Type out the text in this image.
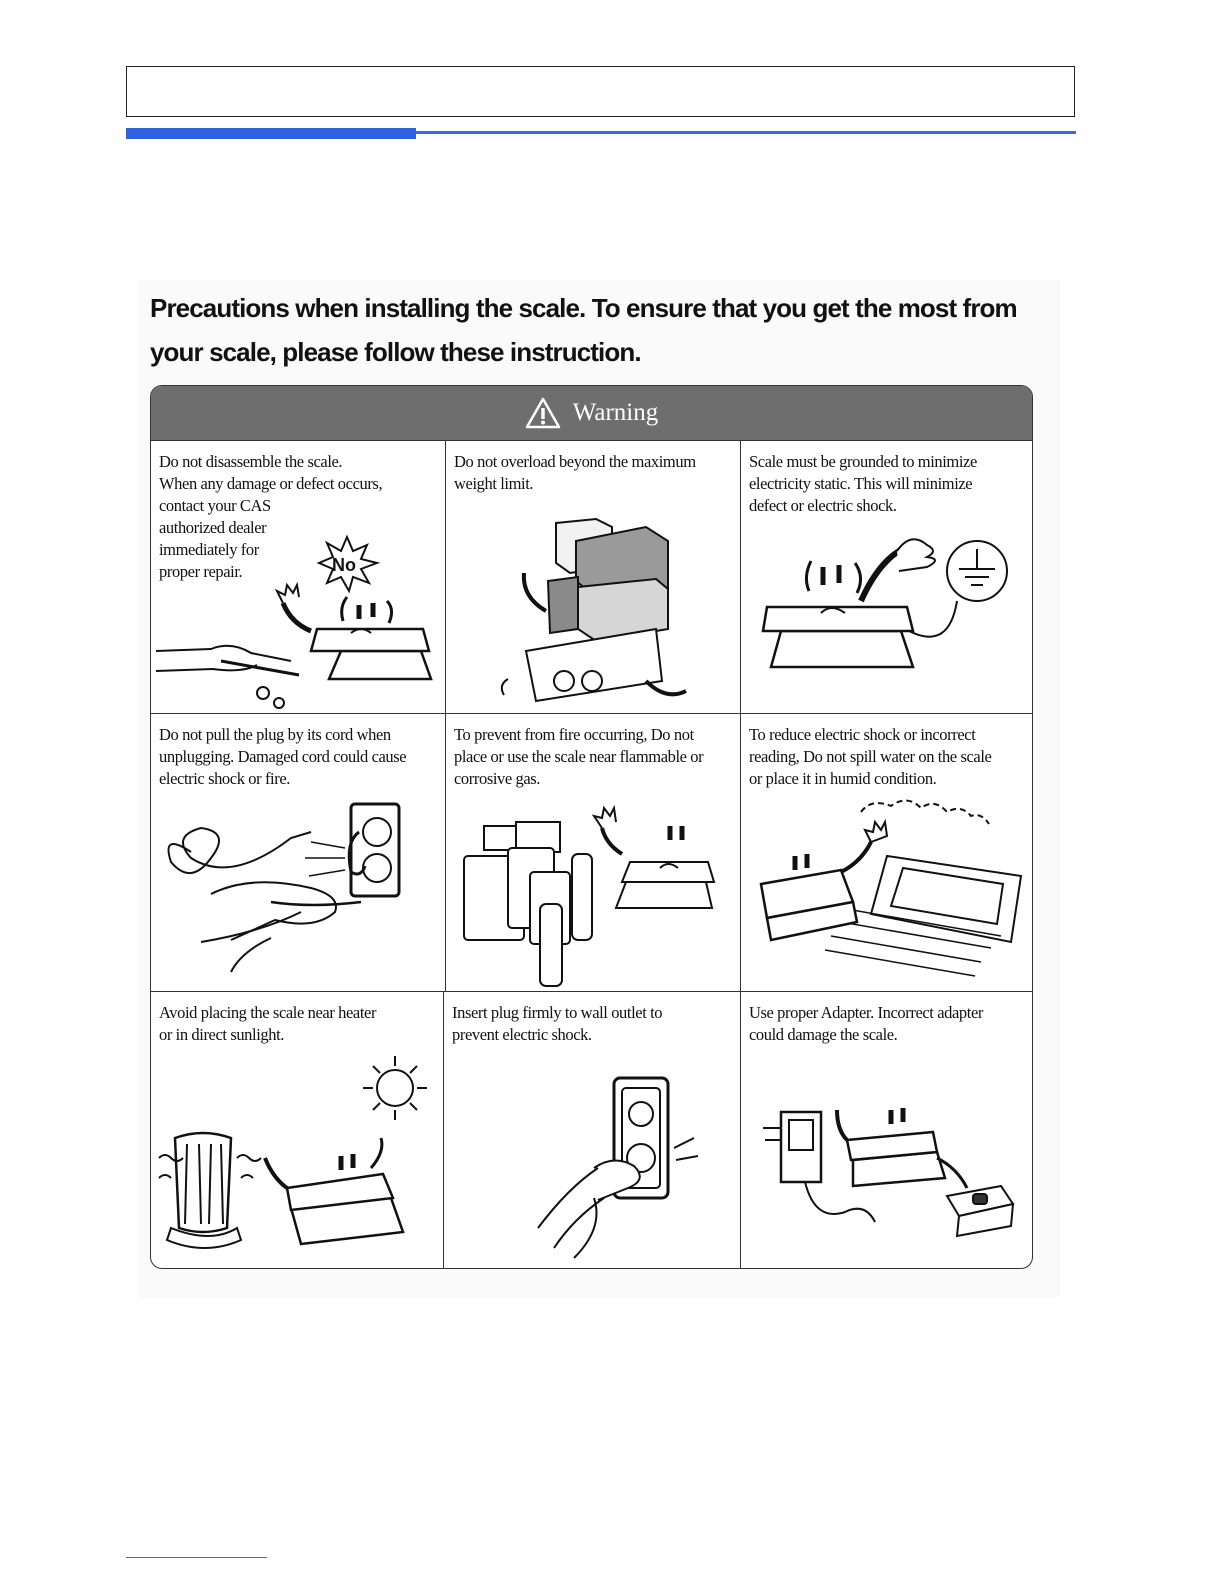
Precautions when installing the scale. To ensure that you get the most from your scale, please follow these instruction.
Warning

Do not disassemble the scale.
When any damage or defect occurs,
contact your CAS
authorized dealer
immediately for
proper repair.	No

Do not overload beyond the maximum
weight limit.

Scale must be grounded to minimize
electricity static. This will minimize
defect or electric shock.

Do not pull the plug by its cord when
unplugging. Damaged cord could cause
electric shock or fire.

To prevent from fire occurring, Do not
place or use the scale near flammable or
corrosive gas.

To reduce electric shock or incorrect
reading, Do not spill water on the scale
or place it in humid condition.

Avoid placing the scale near heater
or in direct sunlight.

Insert plug firmly to wall outlet to
prevent electric shock.

Use proper Adapter. Incorrect adapter
could damage the scale.
